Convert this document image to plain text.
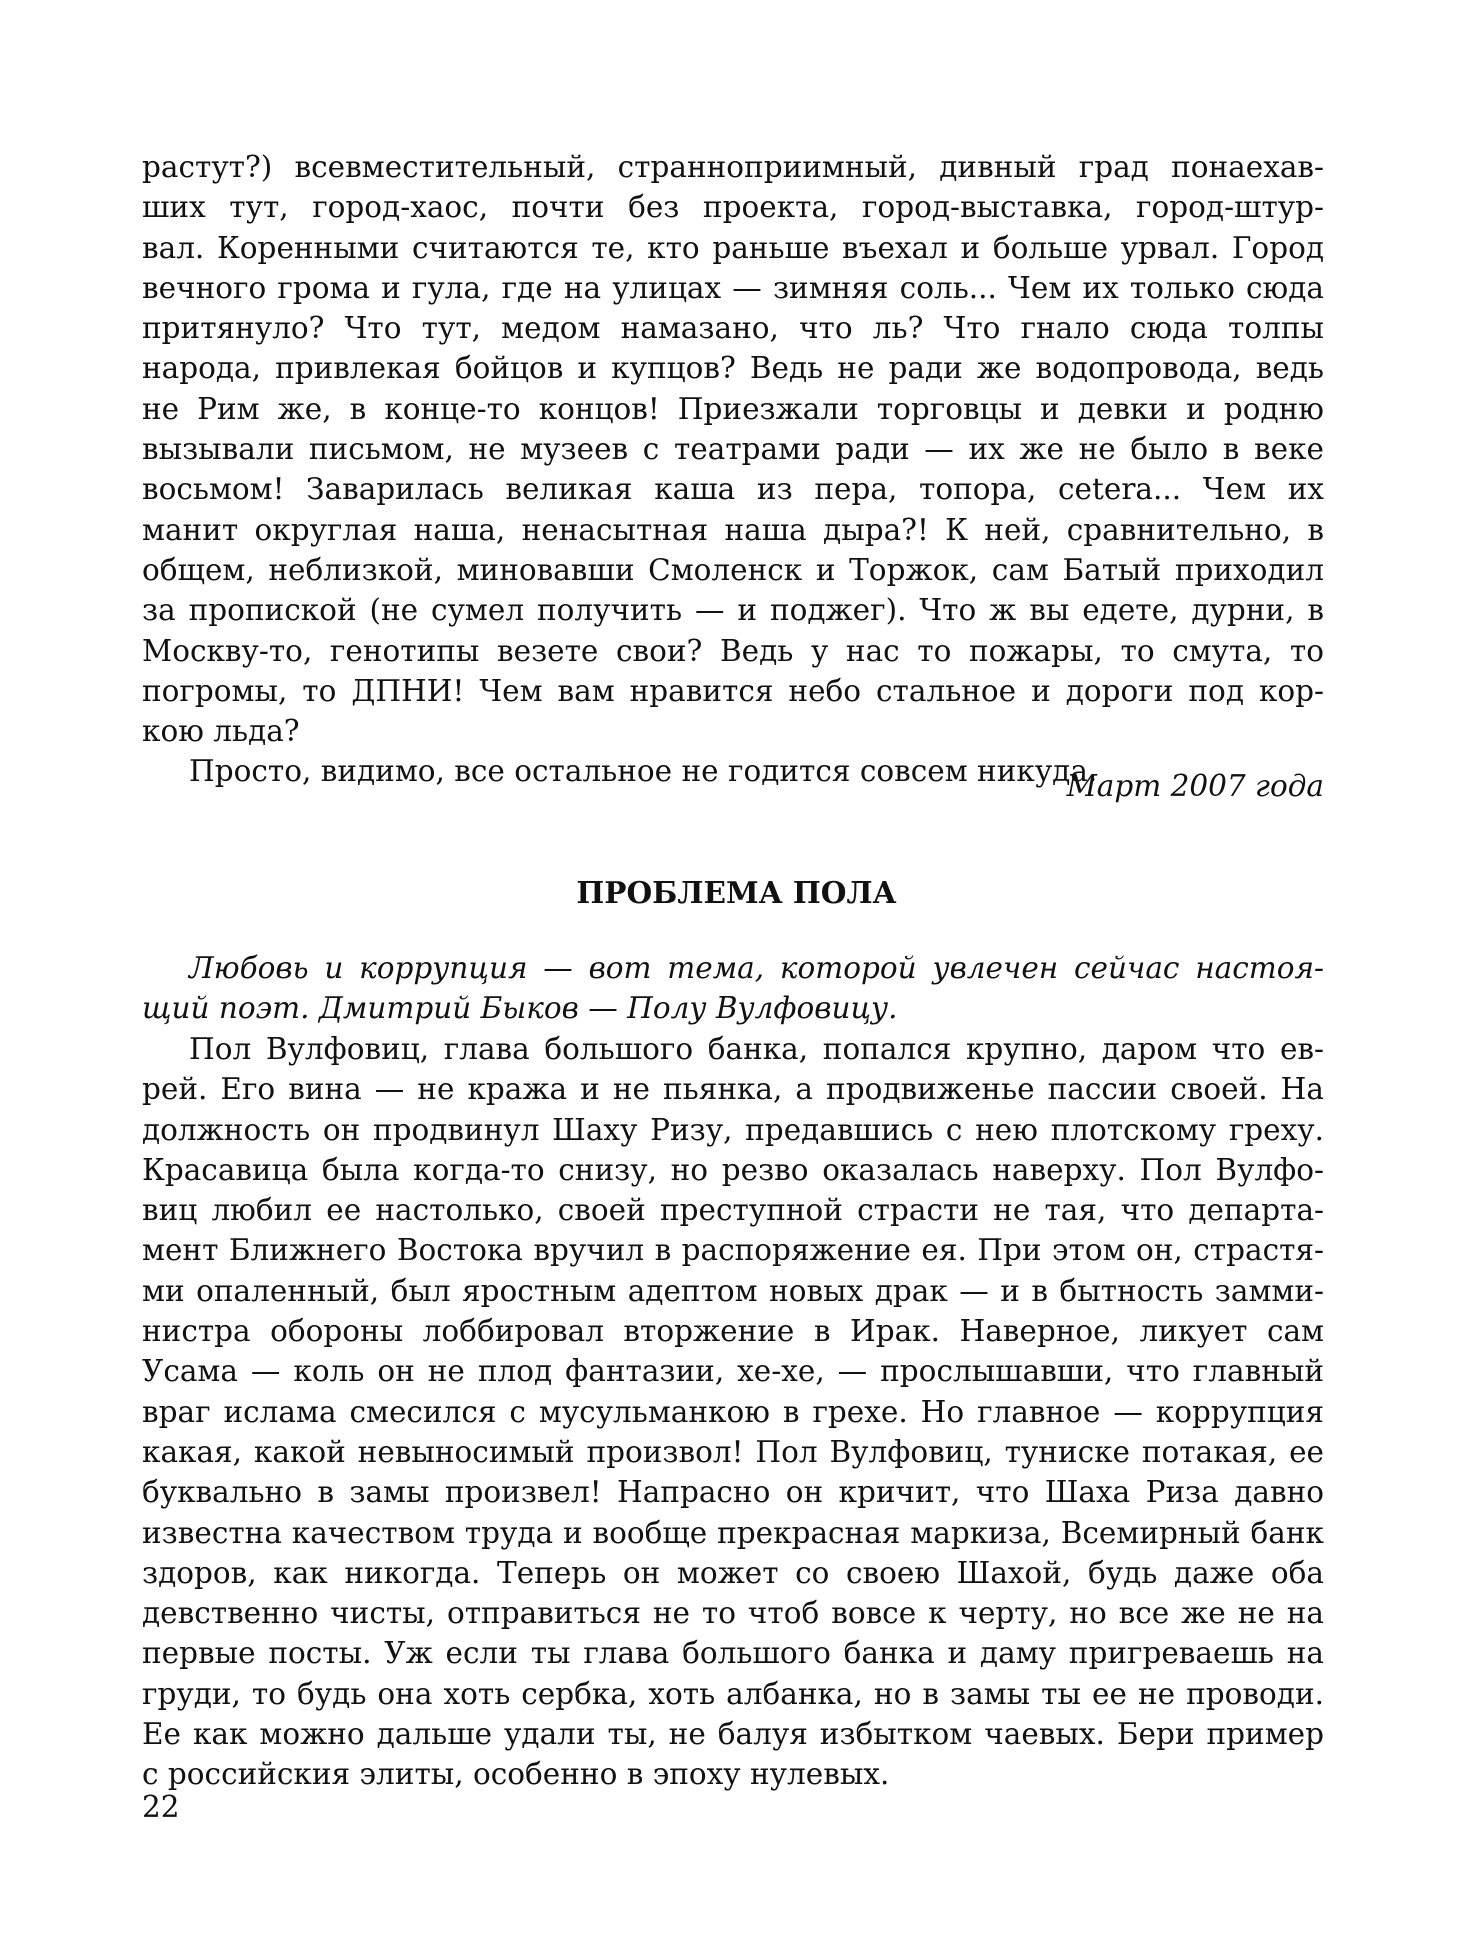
растут?) всевместительный, странноприимный, дивный град понаехав-
ших тут, город-хаос, почти без проекта, город-выставка, город-штур-
вал. Коренными считаются те, кто раньше въехал и больше урвал. Город
вечного грома и гула, где на улицах — зимняя соль... Чем их только сюда
притянуло? Что тут, медом намазано, что ль? Что гнало сюда толпы
народа, привлекая бойцов и купцов? Ведь не ради же водопровода, ведь
не Рим же, в конце-то концов! Приезжали торговцы и девки и родню
вызывали письмом, не музеев с театрами ради — их же не было в веке
восьмом! Заварилась великая каша из пера, топора, cetera... Чем их
манит округлая наша, ненасытная наша дыра?! К ней, сравнительно, в
общем, неблизкой, миновавши Смоленск и Торжок, сам Батый приходил
за пропиской (не сумел получить — и поджег). Что ж вы едете, дурни, в
Москву-то, генотипы везете свои? Ведь у нас то пожары, то смута, то
погромы, то ДПНИ! Чем вам нравится небо стальное и дороги под кор-
кою льда?
Просто, видимо, все остальное не годится совсем никуда.
Март 2007 года
ПРОБЛЕМА ПОЛА
Любовь и коррупция — вот тема, которой увлечен сейчас настоя-
щий поэт. Дмитрий Быков — Полу Вулфовицу.
Пол Вулфовиц, глава большого банка, попался крупно, даром что ев-
рей. Его вина — не кража и не пьянка, а продвиженье пассии своей. На
должность он продвинул Шаху Ризу, предавшись с нею плотскому греху.
Красавица была когда-то снизу, но резво оказалась наверху. Пол Вулфо-
виц любил ее настолько, своей преступной страсти не тая, что департа-
мент Ближнего Востока вручил в распоряжение ея. При этом он, страстя-
ми опаленный, был яростным адептом новых драк — и в бытность замми-
нистра обороны лоббировал вторжение в Ирак. Наверное, ликует сам
Усама — коль он не плод фантазии, хе-хе, — прослышавши, что главный
враг ислама смесился с мусульманкою в грехе. Но главное — коррупция
какая, какой невыносимый произвол! Пол Вулфовиц, туниске потакая, ее
буквально в замы произвел! Напрасно он кричит, что Шаха Риза давно
известна качеством труда и вообще прекрасная маркиза, Всемирный банк
здоров, как никогда. Теперь он может со своею Шахой, будь даже оба
девственно чисты, отправиться не то чтоб вовсе к черту, но все же не на
первые посты. Уж если ты глава большого банка и даму пригреваешь на
груди, то будь она хоть сербка, хоть албанка, но в замы ты ее не проводи.
Ее как можно дальше удали ты, не балуя избытком чаевых. Бери пример
с российския элиты, особенно в эпоху нулевых.
22
